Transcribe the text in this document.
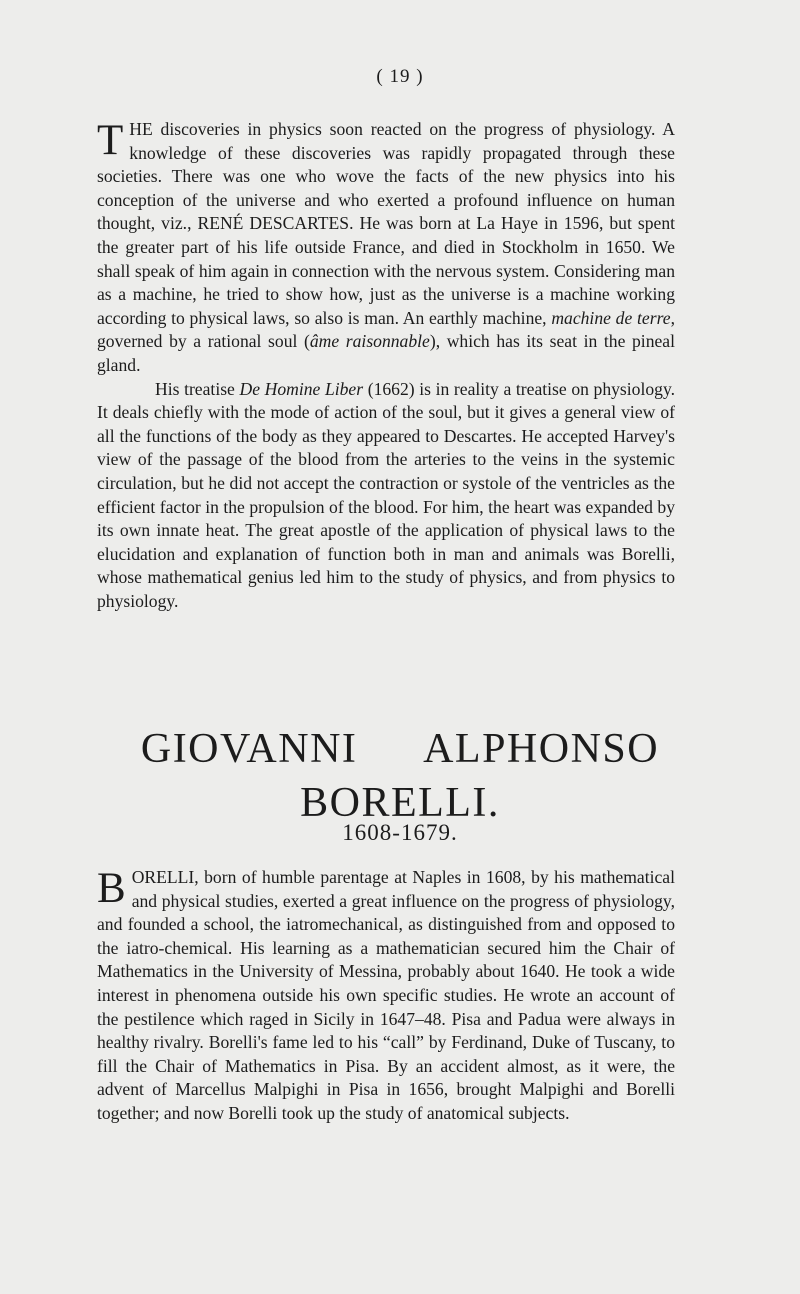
( 19 )

THE discoveries in physics soon reacted on the progress of physiology. A knowledge of these discoveries was rapidly propagated through these societies. There was one who wove the facts of the new physics into his conception of the universe and who exerted a profound influence on human thought, viz., RENÉ DESCARTES. He was born at La Haye in 1596, but spent the greater part of his life outside France, and died in Stockholm in 1650. We shall speak of him again in connection with the nervous system. Considering man as a machine, he tried to show how, just as the universe is a machine working according to physical laws, so also is man. An earthly machine, machine de terre, governed by a rational soul (âme raisonnable), which has its seat in the pineal gland.

His treatise De Homine Liber (1662) is in reality a treatise on physiology. It deals chiefly with the mode of action of the soul, but it gives a general view of all the functions of the body as they appeared to Descartes. He accepted Harvey's view of the passage of the blood from the arteries to the veins in the systemic circulation, but he did not accept the contraction or systole of the ventricles as the efficient factor in the propulsion of the blood. For him, the heart was expanded by its own innate heat. The great apostle of the application of physical laws to the elucidation and explanation of function both in man and animals was Borelli, whose mathematical genius led him to the study of physics, and from physics to physiology.

GIOVANNI ALPHONSO
BORELLI.
1608-1679.

BORELLI, born of humble parentage at Naples in 1608, by his mathematical and physical studies, exerted a great influence on the progress of physiology, and founded a school, the iatromechanical, as distinguished from and opposed to the iatro-chemical. His learning as a mathematician secured him the Chair of Mathematics in the University of Messina, probably about 1640. He took a wide interest in phenomena outside his own specific studies. He wrote an account of the pestilence which raged in Sicily in 1647–48. Pisa and Padua were always in healthy rivalry. Borelli's fame led to his “call” by Ferdinand, Duke of Tuscany, to fill the Chair of Mathematics in Pisa. By an accident almost, as it were, the advent of Marcellus Malpighi in Pisa in 1656, brought Malpighi and Borelli together; and now Borelli took up the study of anatomical subjects.
